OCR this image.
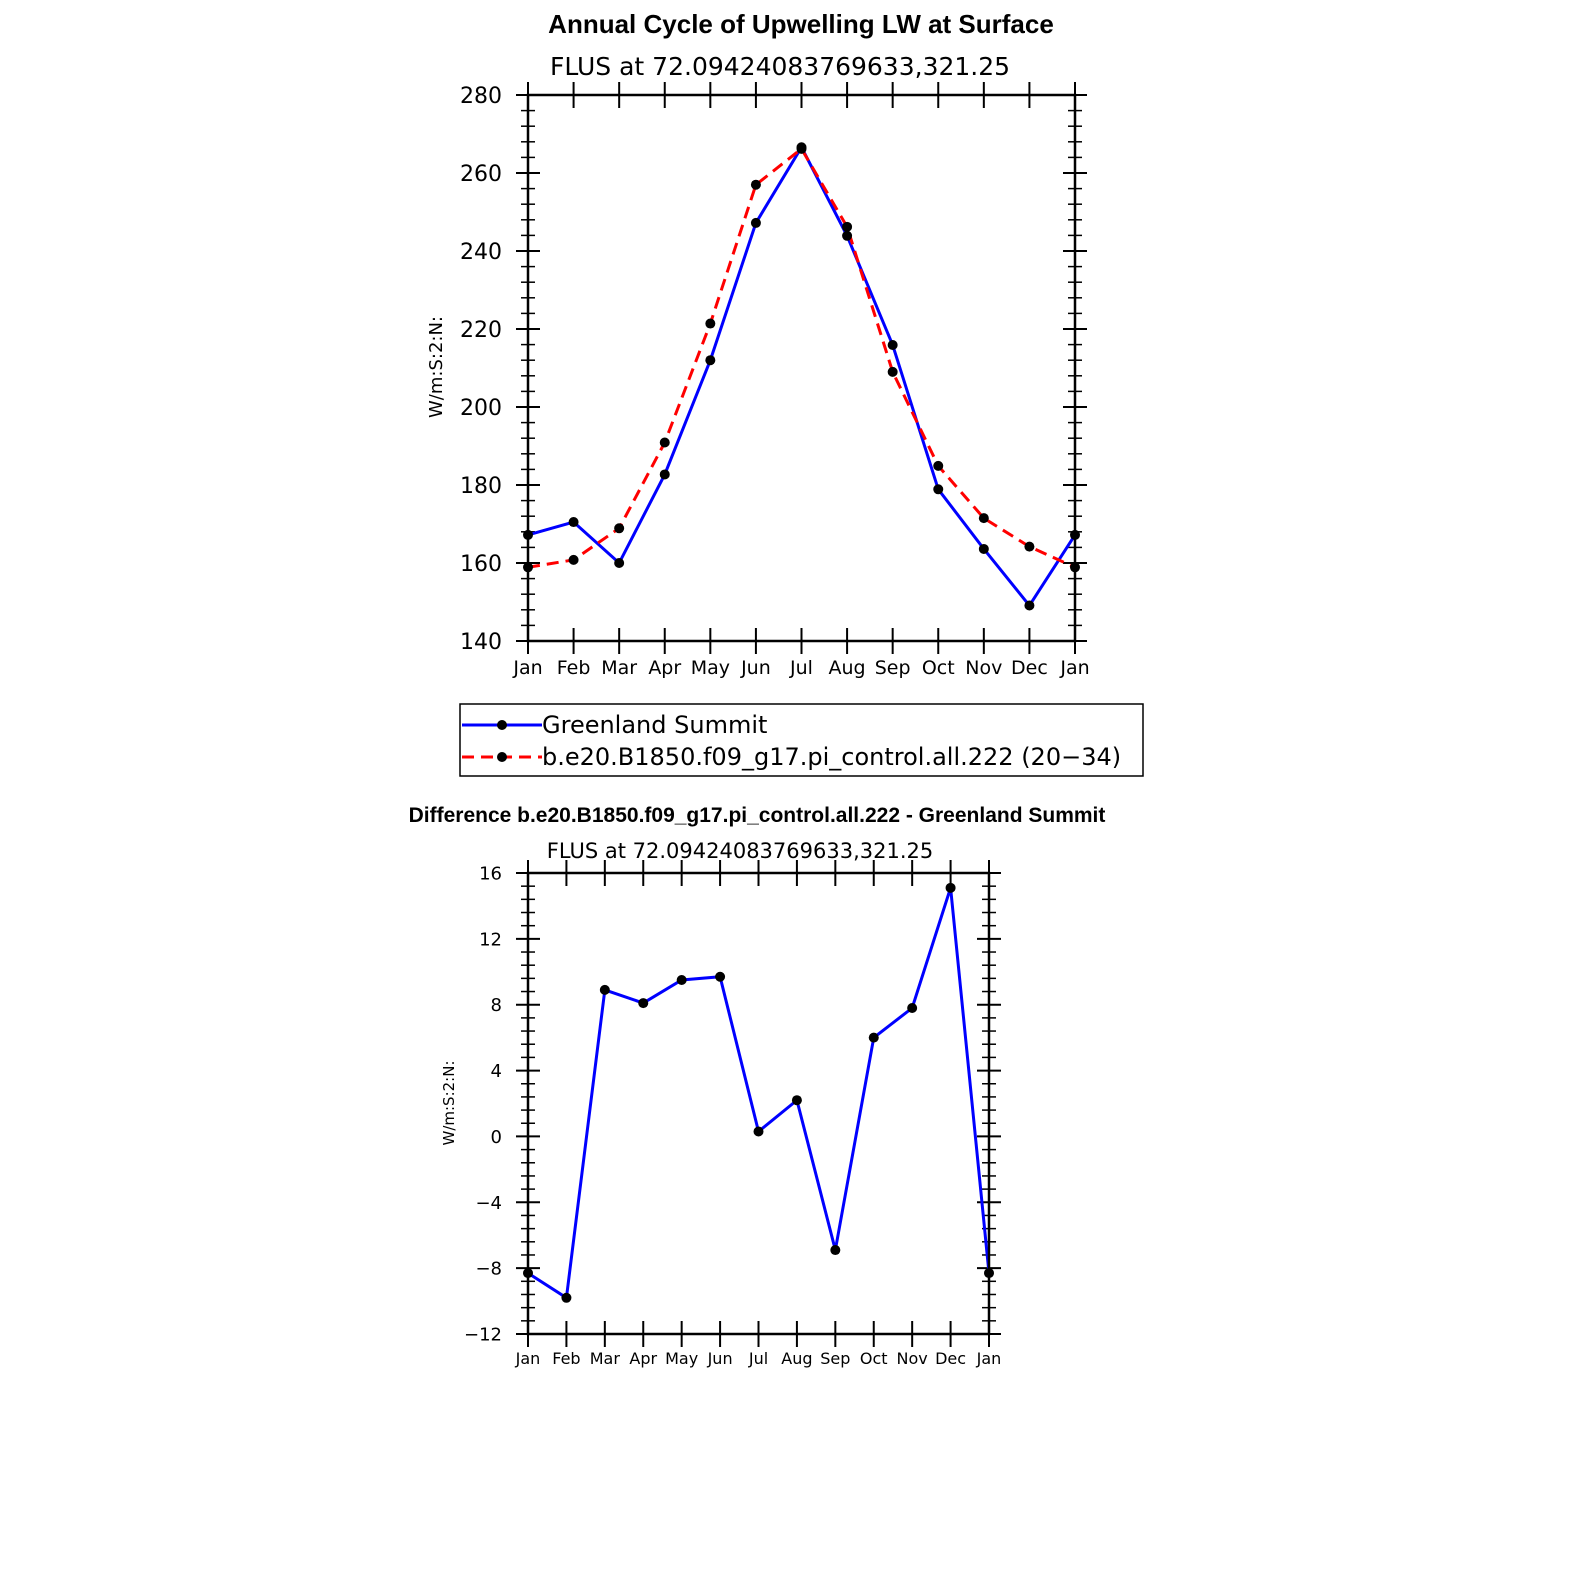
Annual Cycle of Upwelling LW at Surface
FLUS at 72.09424083769633,321.25
W/m:S:2:N:
Jan Feb Mar Apr May Jun Jul Aug Sep Oct Nov Dec Jan
140
160
180
200
220
240
260
280
Greenland Summit
b.e20.B1850.f09_g17.pi_control.all.222 (20−34)
Difference b.e20.B1850.f09_g17.pi_control.all.222 - Greenland Summit
FLUS at 72.09424083769633,321.25
W/m:S:2:N:
Jan Feb Mar Apr May Jun Jul Aug Sep Oct Nov Dec Jan
−12
−8
−4
0
4
8
12
16
